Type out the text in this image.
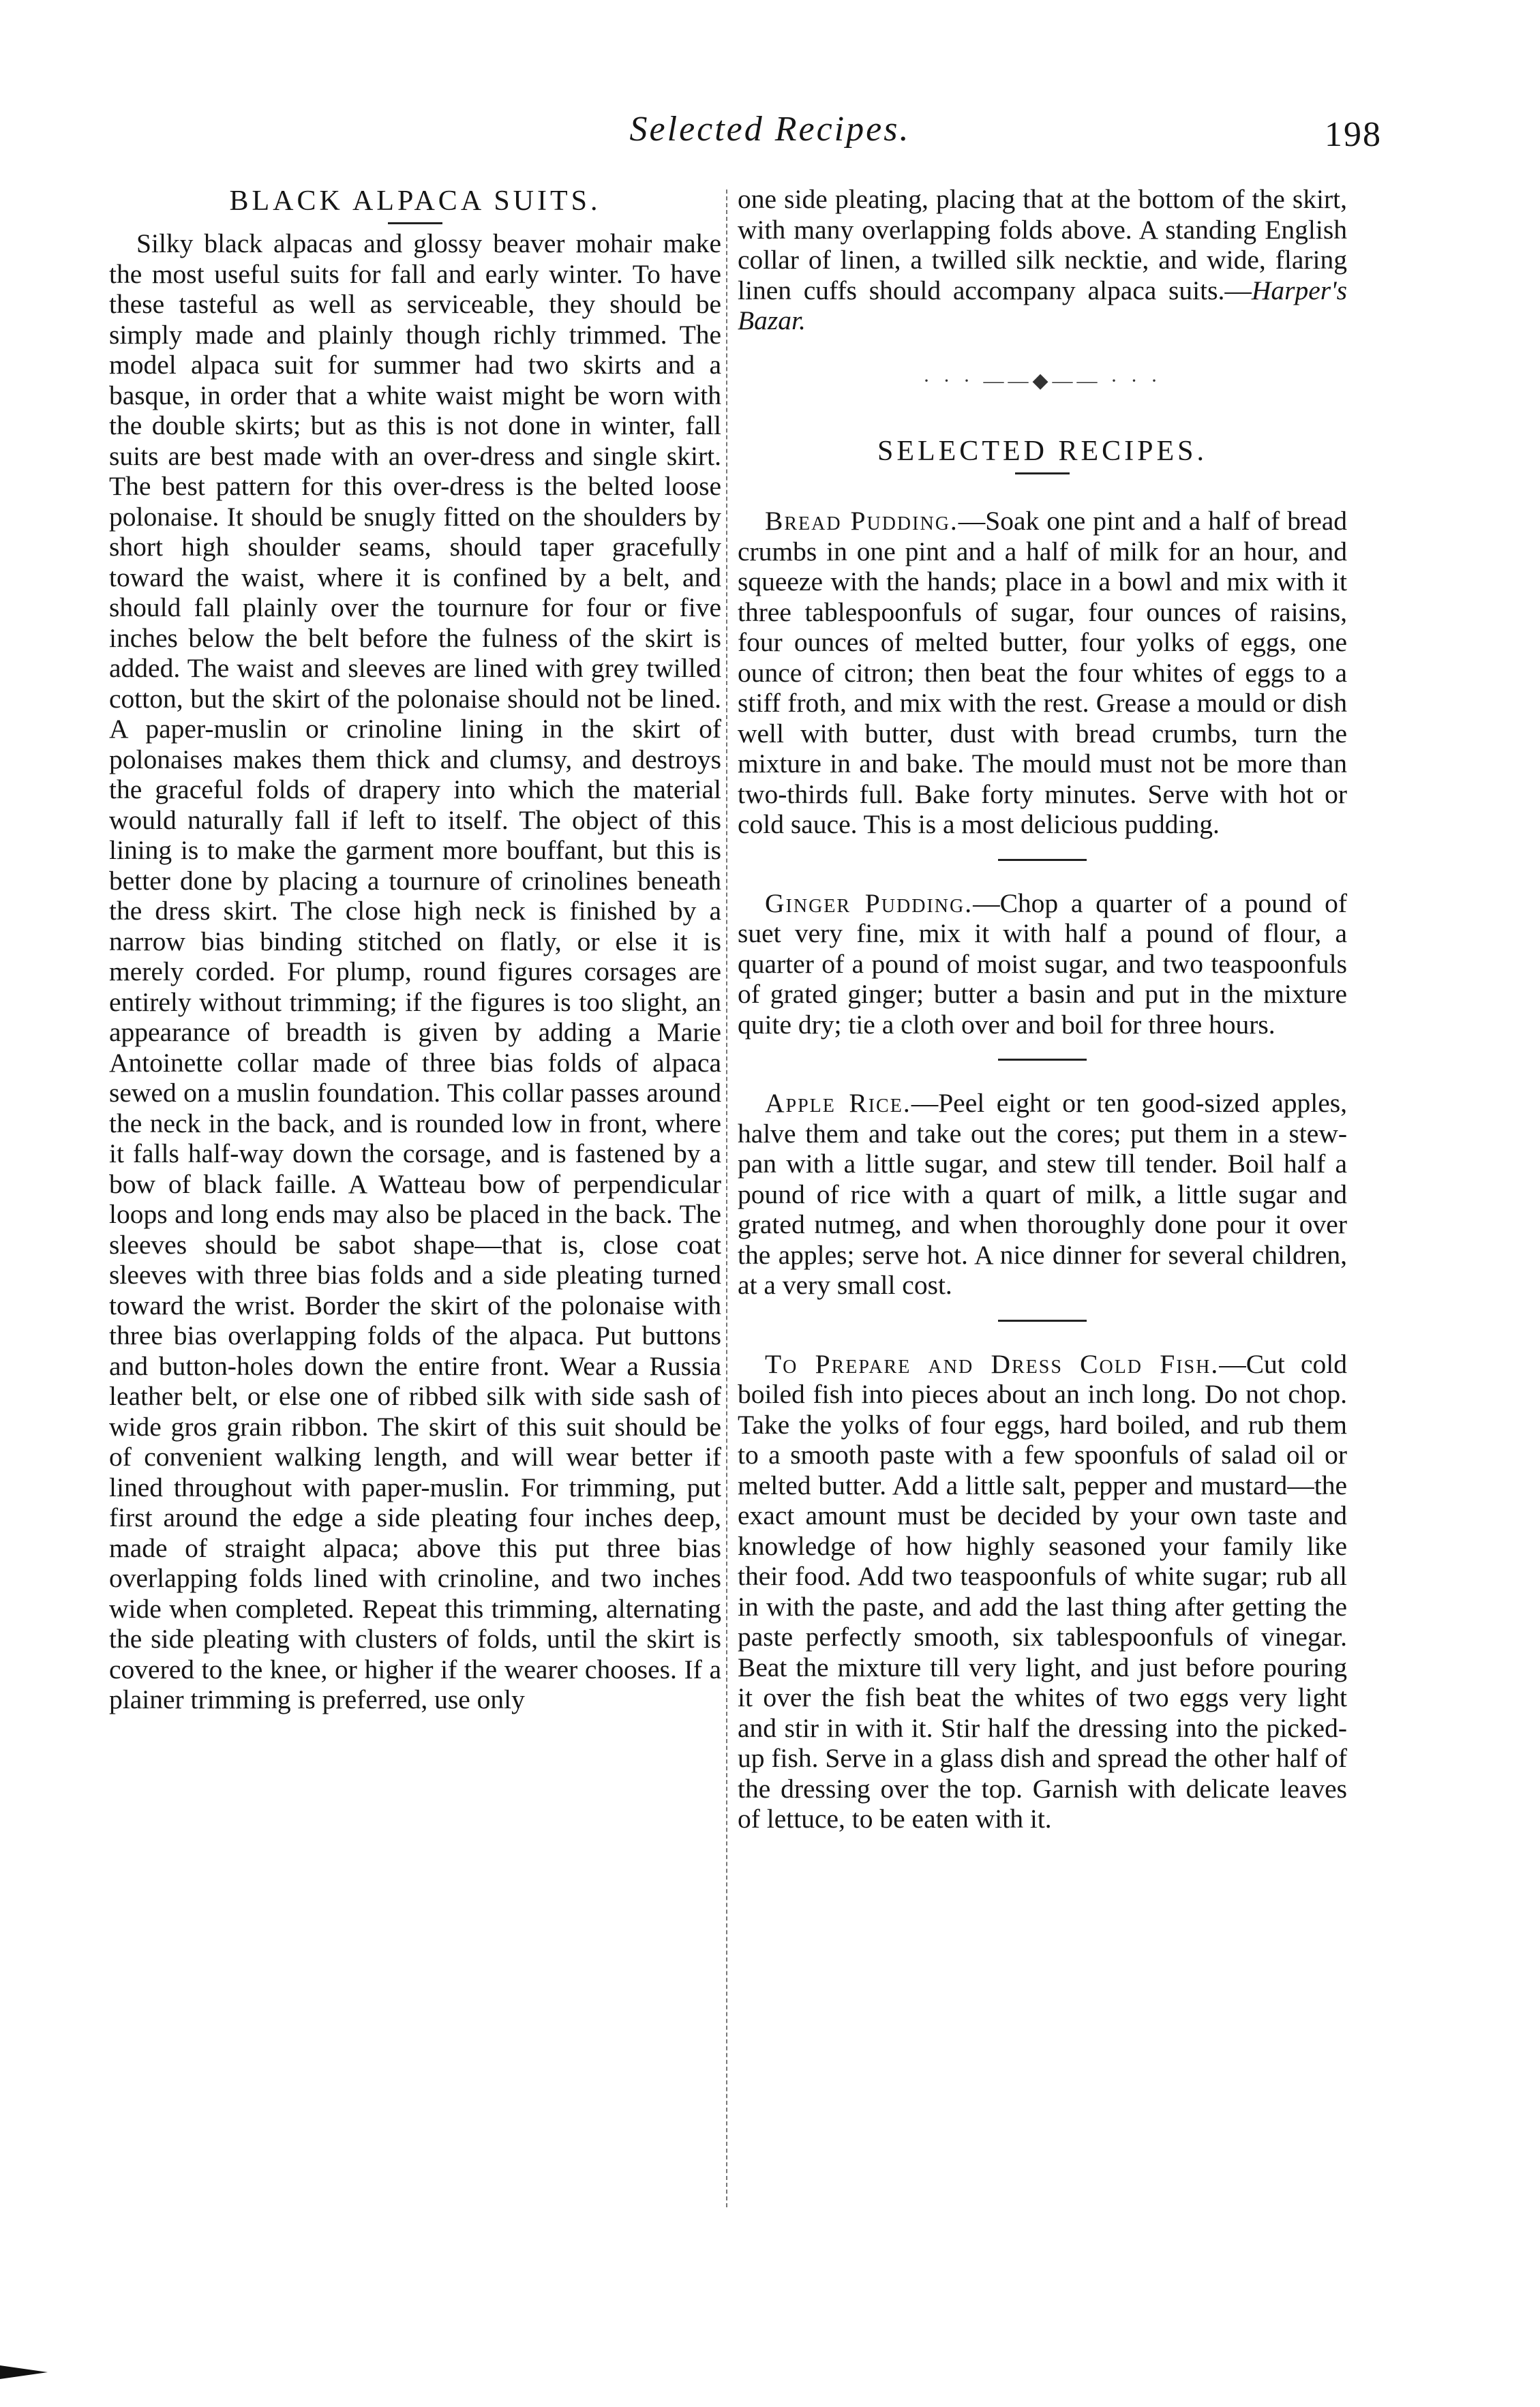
Selected Recipes.	198
BLACK ALPACA SUITS.

Silky black alpacas and glossy beaver mohair make the most useful suits for fall and early winter. To have these tasteful as well as serviceable, they should be simply made and plainly though richly trimmed. The model alpaca suit for summer had two skirts and a basque, in order that a white waist might be worn with the double skirts; but as this is not done in winter, fall suits are best made with an over-dress and single skirt. The best pattern for this over-dress is the belted loose polonaise. It should be snugly fitted on the shoulders by short high shoulder seams, should taper gracefully toward the waist, where it is confined by a belt, and should fall plainly over the tournure for four or five inches below the belt before the fulness of the skirt is added. The waist and sleeves are lined with grey twilled cotton, but the skirt of the polonaise should not be lined. A paper-muslin or crinoline lining in the skirt of polonaises makes them thick and clumsy, and destroys the graceful folds of drapery into which the material would naturally fall if left to itself. The object of this lining is to make the garment more bouffant, but this is better done by placing a tournure of crinolines beneath the dress skirt. The close high neck is finished by a narrow bias binding stitched on flatly, or else it is merely corded. For plump, round figures corsages are entirely without trimming; if the figures is too slight, an appearance of breadth is given by adding a Marie Antoinette collar made of three bias folds of alpaca sewed on a muslin foundation. This collar passes around the neck in the back, and is rounded low in front, where it falls half-way down the corsage, and is fastened by a bow of black faille. A Watteau bow of perpendicular loops and long ends may also be placed in the back. The sleeves should be sabot shape—that is, close coat sleeves with three bias folds and a side pleating turned toward the wrist. Border the skirt of the polonaise with three bias overlapping folds of the alpaca. Put buttons and button-holes down the entire front. Wear a Russia leather belt, or else one of ribbed silk with side sash of wide gros grain ribbon. The skirt of this suit should be of convenient walking length, and will wear better if lined throughout with paper-muslin. For trimming, put first around the edge a side pleating four inches deep, made of straight alpaca; above this put three bias overlapping folds lined with crinoline, and two inches wide when completed. Repeat this trimming, alternating the side pleating with clusters of folds, until the skirt is covered to the knee, or higher if the wearer chooses. If a plainer trimming is preferred, use only

one side pleating, placing that at the bottom of the skirt, with many overlapping folds above. A standing English collar of linen, a twilled silk necktie, and wide, flaring linen cuffs should accompany alpaca suits.—Harper's Bazar.

· · · ——◆—— · · ·
SELECTED RECIPES.

Bread Pudding.—Soak one pint and a half of bread crumbs in one pint and a half of milk for an hour, and squeeze with the hands; place in a bowl and mix with it three tablespoonfuls of sugar, four ounces of raisins, four ounces of melted butter, four yolks of eggs, one ounce of citron; then beat the four whites of eggs to a stiff froth, and mix with the rest. Grease a mould or dish well with butter, dust with bread crumbs, turn the mixture in and bake. The mould must not be more than two-thirds full. Bake forty minutes. Serve with hot or cold sauce. This is a most delicious pudding.

Ginger Pudding.—Chop a quarter of a pound of suet very fine, mix it with half a pound of flour, a quarter of a pound of moist sugar, and two teaspoonfuls of grated ginger; butter a basin and put in the mixture quite dry; tie a cloth over and boil for three hours.

Apple Rice.—Peel eight or ten good-sized apples, halve them and take out the cores; put them in a stew-pan with a little sugar, and stew till tender. Boil half a pound of rice with a quart of milk, a little sugar and grated nutmeg, and when thoroughly done pour it over the apples; serve hot. A nice dinner for several children, at a very small cost.

To Prepare and Dress Cold Fish.—Cut cold boiled fish into pieces about an inch long. Do not chop. Take the yolks of four eggs, hard boiled, and rub them to a smooth paste with a few spoonfuls of salad oil or melted butter. Add a little salt, pepper and mustard—the exact amount must be decided by your own taste and knowledge of how highly seasoned your family like their food. Add two teaspoonfuls of white sugar; rub all in with the paste, and add the last thing after getting the paste perfectly smooth, six tablespoonfuls of vinegar. Beat the mixture till very light, and just before pouring it over the fish beat the whites of two eggs very light and stir in with it. Stir half the dressing into the picked-up fish. Serve in a glass dish and spread the other half of the dressing over the top. Garnish with delicate leaves of lettuce, to be eaten with it.
